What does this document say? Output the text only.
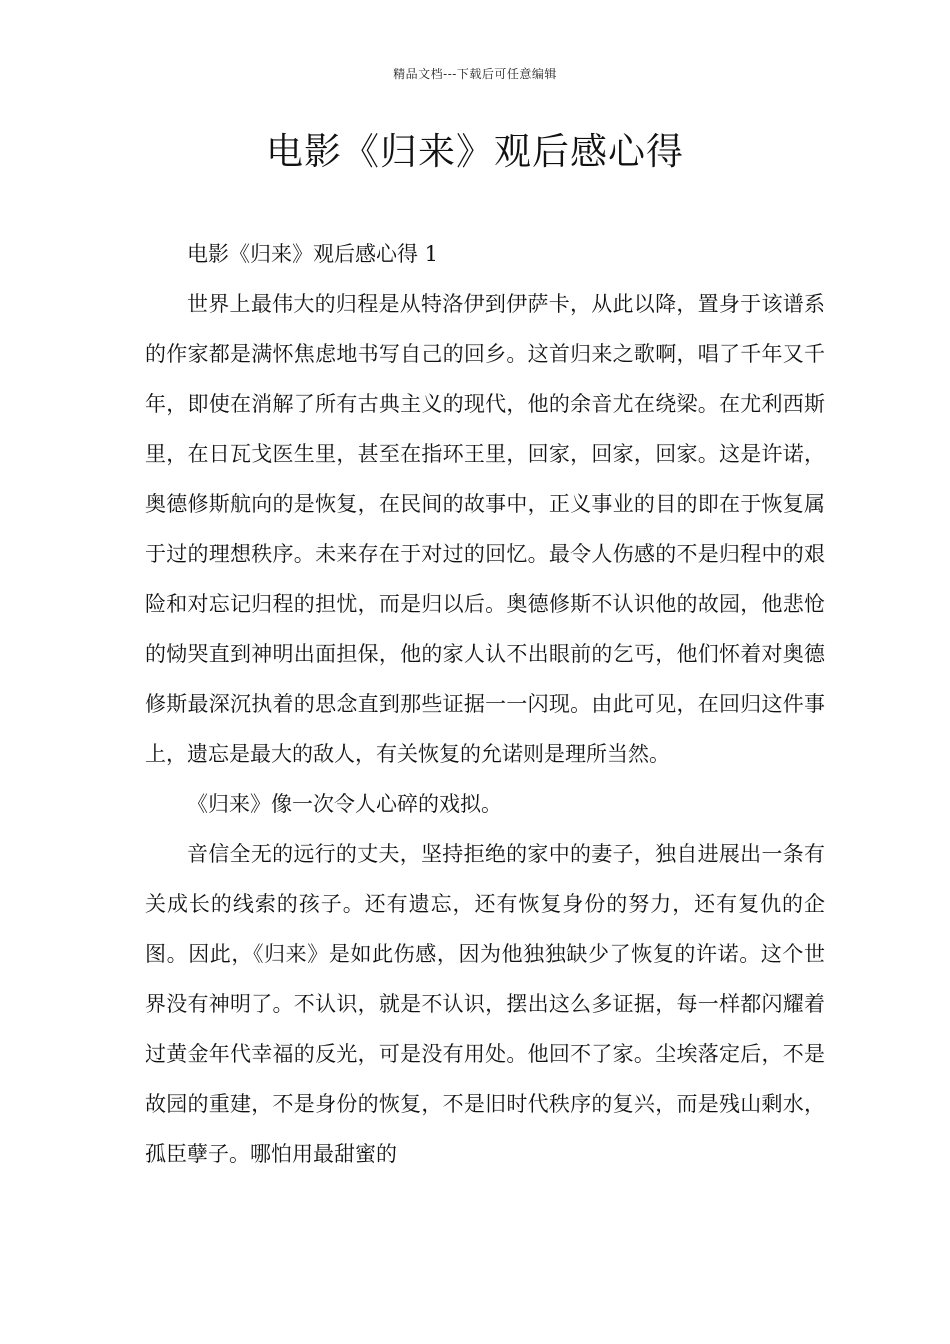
精品文档---下载后可任意编辑
电影《归来》观后感心得

电影《归来》观后感心得 1

世界上最伟大的归程是从特洛伊到伊萨卡，从此以降，置身于该谱系的作家都是满怀焦虑地书写自己的回乡。这首归来之歌啊，唱了千年又千年，即使在消解了所有古典主义的现代，他的余音尤在绕梁。在尤利西斯里，在日瓦戈医生里，甚至在指环王里，回家，回家，回家。这是许诺，奥德修斯航向的是恢复，在民间的故事中，正义事业的目的即在于恢复属于过的理想秩序。未来存在于对过的回忆。最令人伤感的不是归程中的艰险和对忘记归程的担忧，而是归以后。奥德修斯不认识他的故园，他悲怆的恸哭直到神明出面担保，他的家人认不出眼前的乞丐，他们怀着对奥德修斯最深沉执着的思念直到那些证据一一闪现。由此可见，在回归这件事上，遗忘是最大的敌人，有关恢复的允诺则是理所当然。

《归来》像一次令人心碎的戏拟。

音信全无的远行的丈夫，坚持拒绝的家中的妻子，独自进展出一条有关成长的线索的孩子。还有遗忘，还有恢复身份的努力，还有复仇的企图。因此，《归来》是如此伤感，因为他独独缺少了恢复的许诺。这个世界没有神明了。不认识，就是不认识，摆出这么多证据，每一样都闪耀着过黄金年代幸福的反光，可是没有用处。他回不了家。尘埃落定后，不是故园的重建，不是身份的恢复，不是旧时代秩序的复兴，而是残山剩水，孤臣孽子。哪怕用最甜蜜的
